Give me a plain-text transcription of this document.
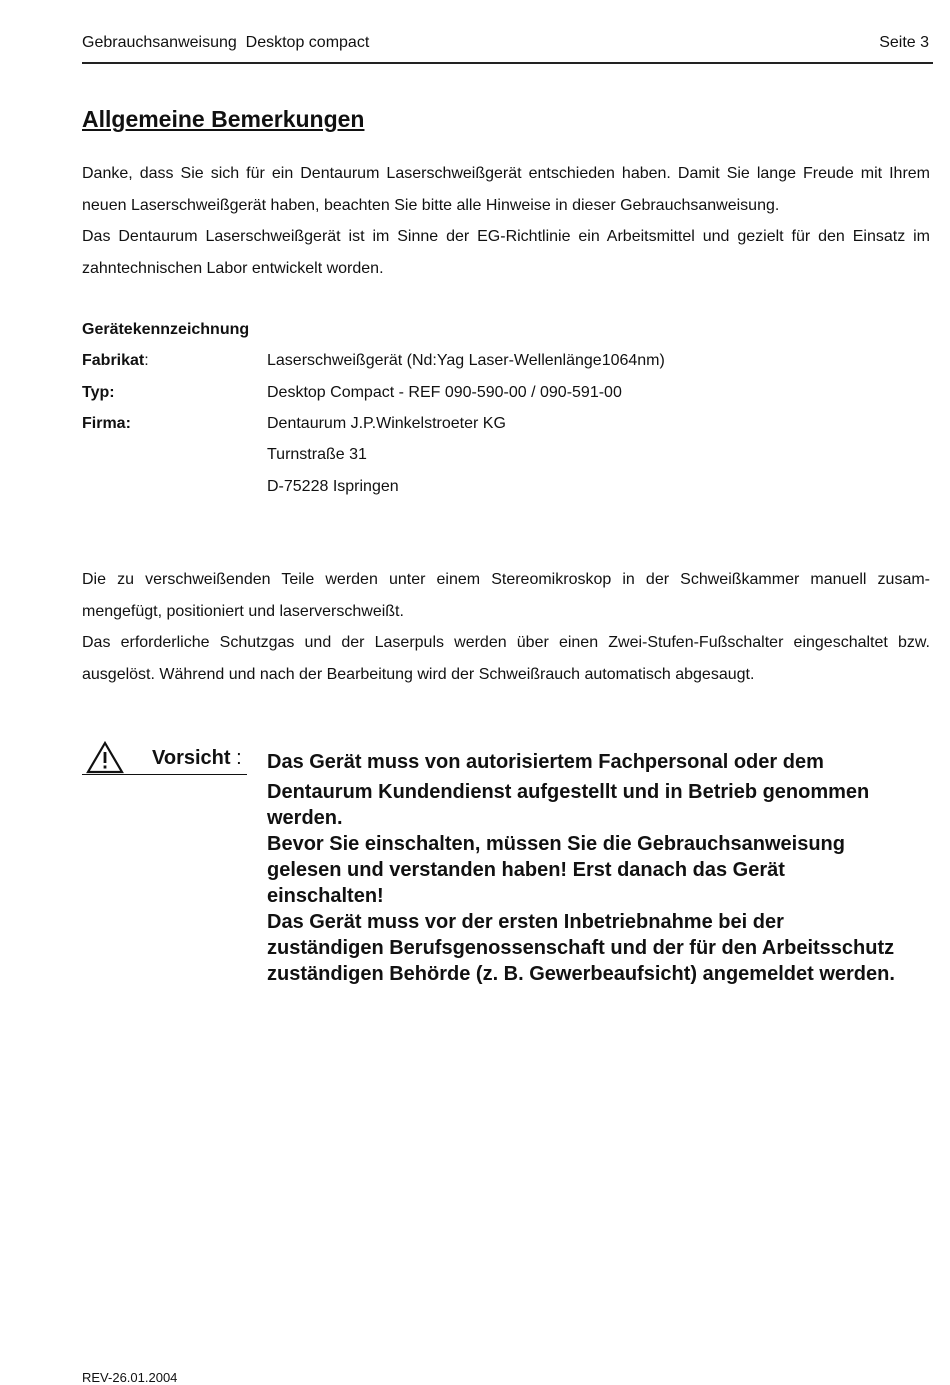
Gebrauchsanweisung  Desktop compact	Seite 3
Allgemeine Bemerkungen

Danke, dass Sie sich für ein Dentaurum Laserschweißgerät entschieden haben. Damit Sie lange Freude mit Ihrem neuen Laserschweißgerät haben, beachten Sie bitte alle Hinweise in dieser Gebrauchsanweisung.

Das Dentaurum Laserschweißgerät ist im Sinne der EG-Richtlinie ein Arbeitsmittel und gezielt für den Einsatz im zahntechnischen Labor entwickelt worden.

Gerätekennzeichnung
Fabrikat:	Laserschweißgerät (Nd:Yag Laser-Wellenlänge1064nm)
Typ:	Desktop Compact - REF 090-590-00 / 090-591-00
Firma:	Dentaurum J.P.Winkelstroeter KG
Turnstraße 31
D-75228 Ispringen

Die zu verschweißenden Teile werden unter einem Stereomikroskop in der Schweißkammer manuell zusam-mengefügt, positioniert und laserverschweißt.

Das erforderliche Schutzgas und der Laserpuls werden über einen Zwei-Stufen-Fußschalter eingeschaltet bzw. ausgelöst. Während und nach der Bearbeitung wird der Schweißrauch automatisch abgesaugt.

Vorsicht : Das Gerät muss von autorisiertem Fachpersonal oder dem
Dentaurum Kundendienst aufgestellt und in Betrieb genommen
werden.
Bevor Sie einschalten, müssen Sie die Gebrauchsanweisung
gelesen und verstanden haben! Erst danach das Gerät
einschalten!
Das Gerät muss vor der ersten Inbetriebnahme bei der
zuständigen Berufsgenossenschaft und der für den Arbeitsschutz
zuständigen Behörde (z. B. Gewerbeaufsicht) angemeldet werden.
REV-26.01.2004
